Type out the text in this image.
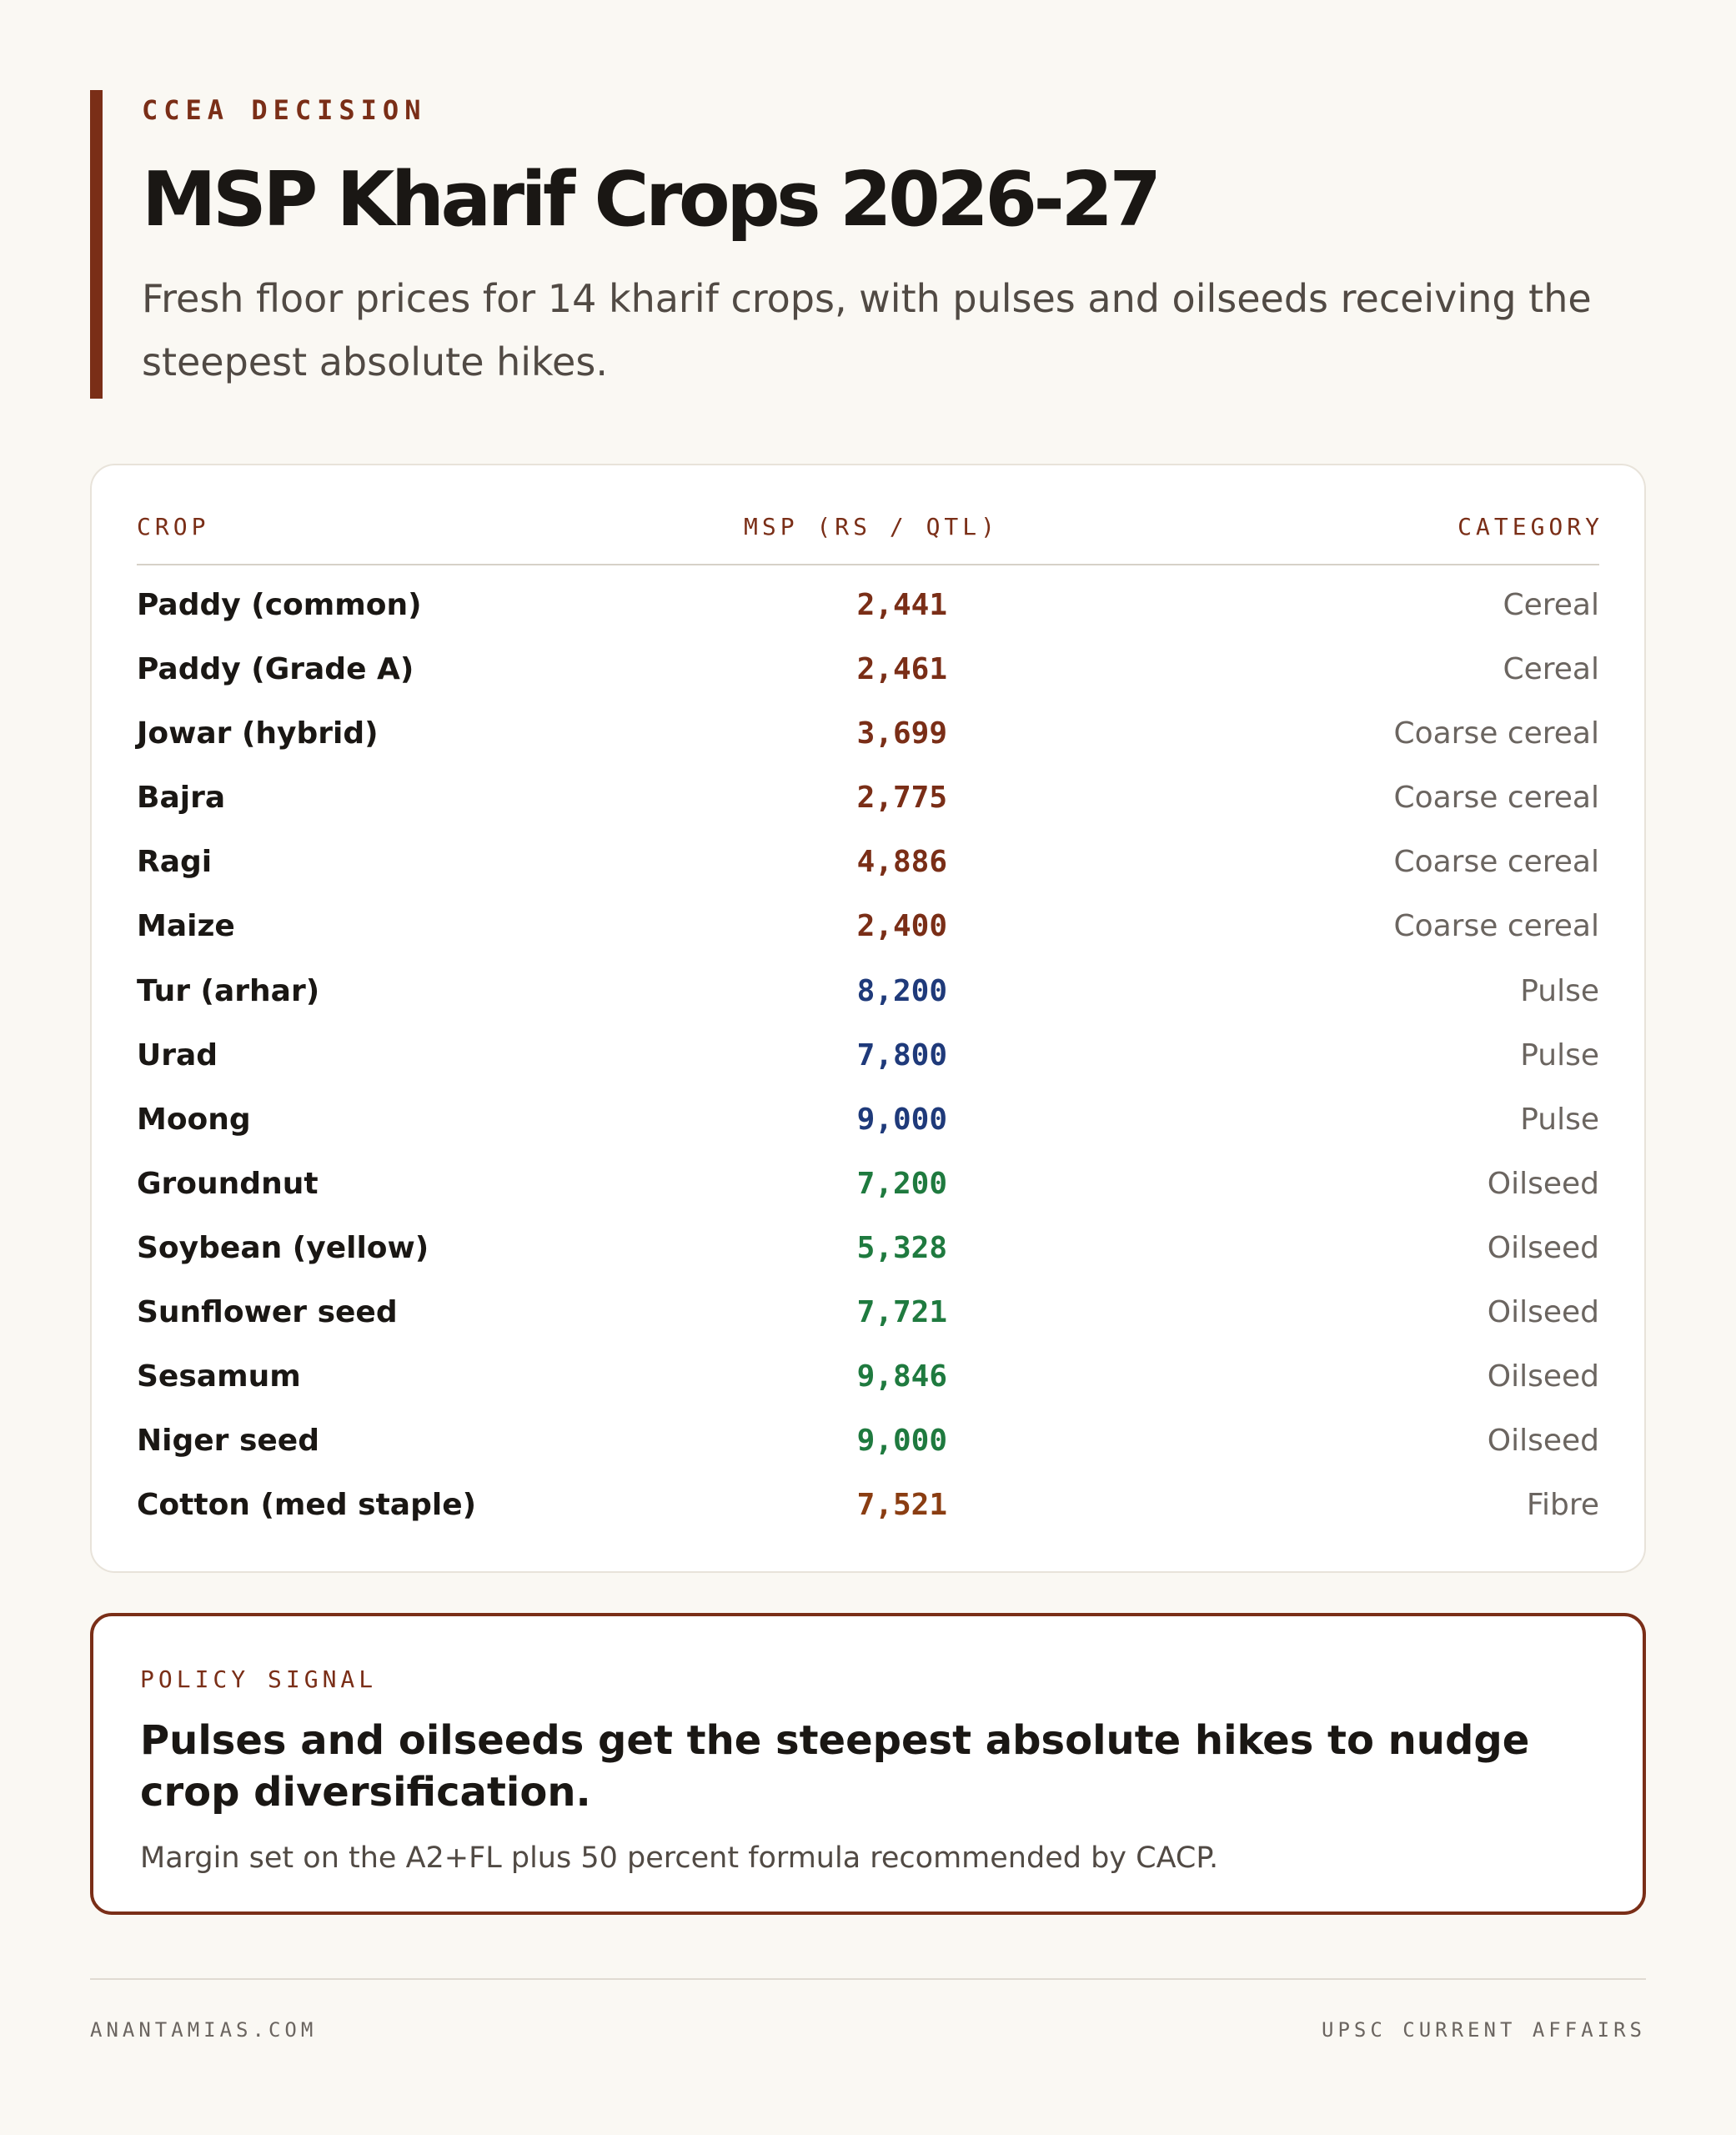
CCEA DECISION
MSP Kharif Crops 2026-27
Fresh floor prices for 14 kharif crops, with pulses and oilseeds receiving the steepest absolute hikes.
CROP	MSP (RS / QTL)	CATEGORY
Paddy (common)	2,441	Cereal
Paddy (Grade A)	2,461	Cereal
Jowar (hybrid)	3,699	Coarse cereal
Bajra	2,775	Coarse cereal
Ragi	4,886	Coarse cereal
Maize	2,400	Coarse cereal
Tur (arhar)	8,200	Pulse
Urad	7,800	Pulse
Moong	9,000	Pulse
Groundnut	7,200	Oilseed
Soybean (yellow)	5,328	Oilseed
Sunflower seed	7,721	Oilseed
Sesamum	9,846	Oilseed
Niger seed	9,000	Oilseed
Cotton (med staple)	7,521	Fibre
POLICY SIGNAL
Pulses and oilseeds get the steepest absolute hikes to nudge crop diversification.
Margin set on the A2+FL plus 50 percent formula recommended by CACP.
ANANTAMIAS.COM	UPSC CURRENT AFFAIRS
